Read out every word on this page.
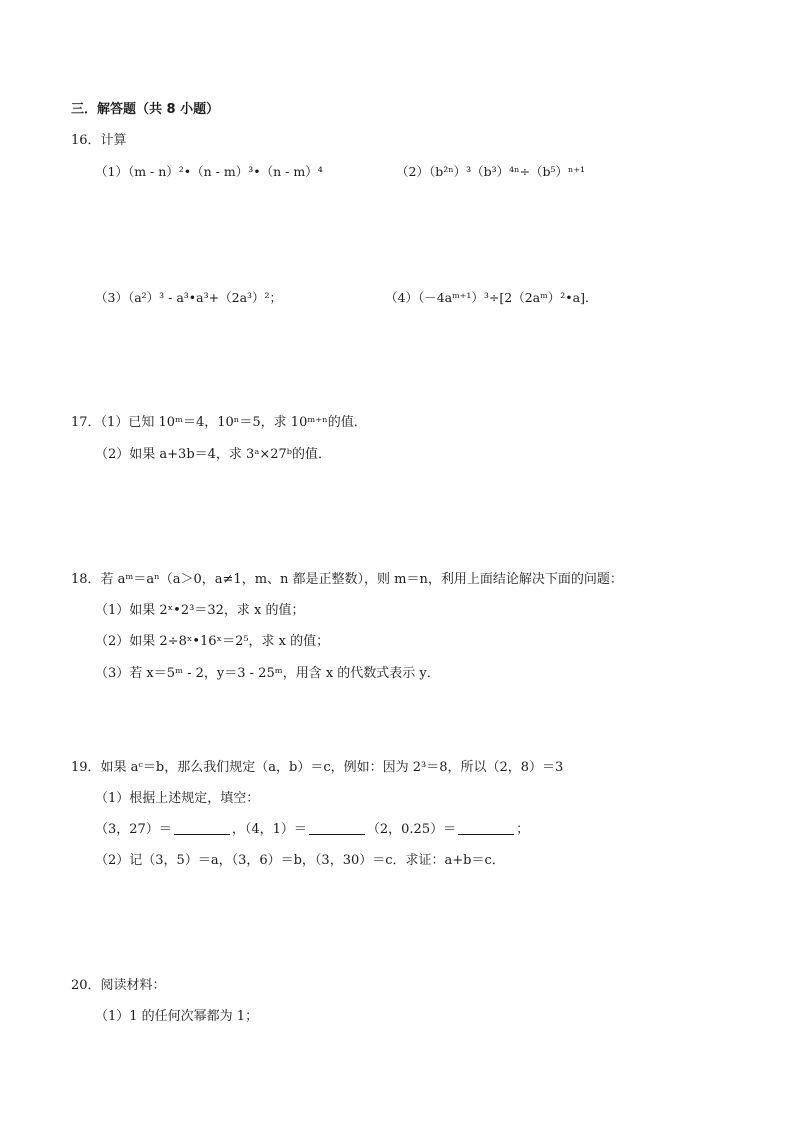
三．解答题（共 8 小题）
16．计算
（1）（m - n）²•（n - m）³•（n - m）⁴	（2）（b²ⁿ）³（b³）⁴ⁿ÷（b⁵）ⁿ⁺¹
（3）（a²）³ - a³•a³+（2a³）²；	（4）（－4aᵐ⁺¹）³÷[2（2aᵐ）²•a]．
17．（1）已知 10ᵐ＝4，10ⁿ＝5，求 10ᵐ⁺ⁿ的值．
（2）如果 a+3b＝4，求 3ᵃ×27ᵇ的值．
18．若 aᵐ＝aⁿ（a＞0，a≠1，m、n 都是正整数），则 m＝n，利用上面结论解决下面的问题：
（1）如果 2ˣ•2³＝32，求 x 的值；
（2）如果 2÷8ˣ•16ˣ＝2⁵，求 x 的值；
（3）若 x＝5ᵐ - 2，y＝3 - 25ᵐ，用含 x 的代数式表示 y．
19．如果 aᶜ＝b，那么我们规定（a，b）＝c，例如：因为 2³＝8，所以（2，8）＝3
（1）根据上述规定，填空：
（3，27）＝	，（4，1）＝	（2，0.25）＝	；
（2）记（3，5）＝a，（3，6）＝b，（3，30）＝c．求证：a+b＝c．
20．阅读材料：
（1）1 的任何次幂都为 1；
